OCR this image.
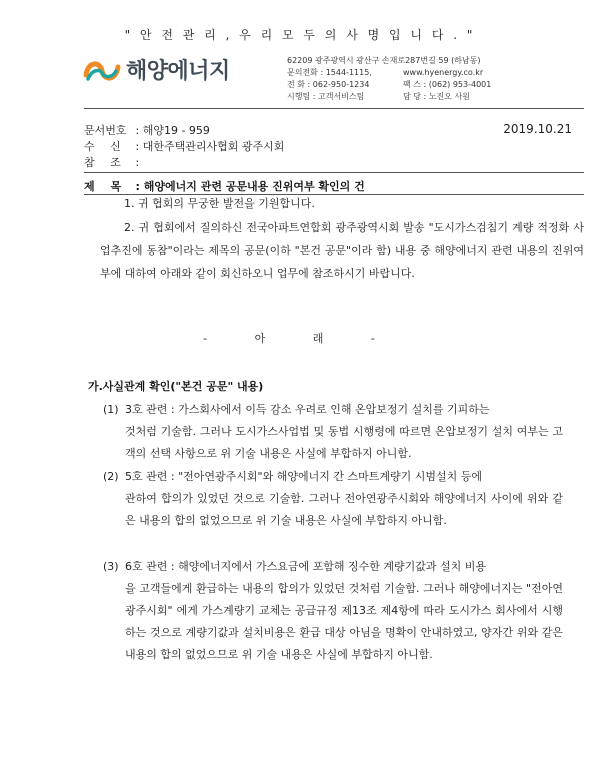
" 안 전 관 리 , 우 리 모 두 의 사 명 입 니 다 . "
해양에너지	62209 광주광역시 광산구 손재로287번길 59 (하남동)
문의전화 : 1544-1115,	www.hyenergy.co.kr
전 화 : 062-950-1234	팩 스 : (062) 953-4001
시행팀 : 고객서비스팀	담 당 : 노진오 사원
문서번호 : 해양19 - 959	2019.10.21
수 신 : 대한주택관리사협회 광주시회
참 조 :
제 목 : 해양에너지 관련 공문내용 진위여부 확인의 건
1. 귀 협회의 무궁한 발전을 기원합니다.
2. 귀 협회에서 질의하신 전국아파트연합회 광주광역시회 발송 "도시가스검침기 계량 적정화 사업추진에 동참"이라는 제목의 공문(이하 "본건 공문"이라 함) 내용 중 해양에너지 관련 내용의 진위여부에 대하여 아래와 같이 회신하오니 업무에 참조하시기 바랍니다.
- 아 래 -
가.사실관계 확인("본건 공문" 내용)
(1) 3호 관련 : 가스회사에서 이득 감소 우려로 인해 온압보정기 설치를 기피하는
것처럼 기술함. 그러나 도시가스사업법 및 동법 시행령에 따르면 온압보정기 설치 여부는 고객의 선택 사항으로 위 기술 내용은 사실에 부합하지 아니함.
(2) 5호 관련 : "전아연광주시회"와 해양에너지 간 스마트계량기 시범설치 등에
관하여 합의가 있었던 것으로 기술함. 그러나 전아연광주시회와 해양에너지 사이에 위와 같은 내용의 합의 없었으므로 위 기술 내용은 사실에 부합하지 아니함.
(3) 6호 관련 : 해양에너지에서 가스요금에 포함해 징수한 계량기값과 설치 비용
을 고객들에게 환급하는 내용의 합의가 있었던 것처럼 기술함. 그러나 해양에너지는 "전아연광주시회" 에게 가스계량기 교체는 공급규정 제13조 제4항에 따라 도시가스 회사에서 시행하는 것으로 계량기값과 설치비용은 환급 대상 아님을 명확이 안내하였고, 양자간 위와 같은 내용의 합의 없었으므로 위 기술 내용은 사실에 부합하지 아니함.
